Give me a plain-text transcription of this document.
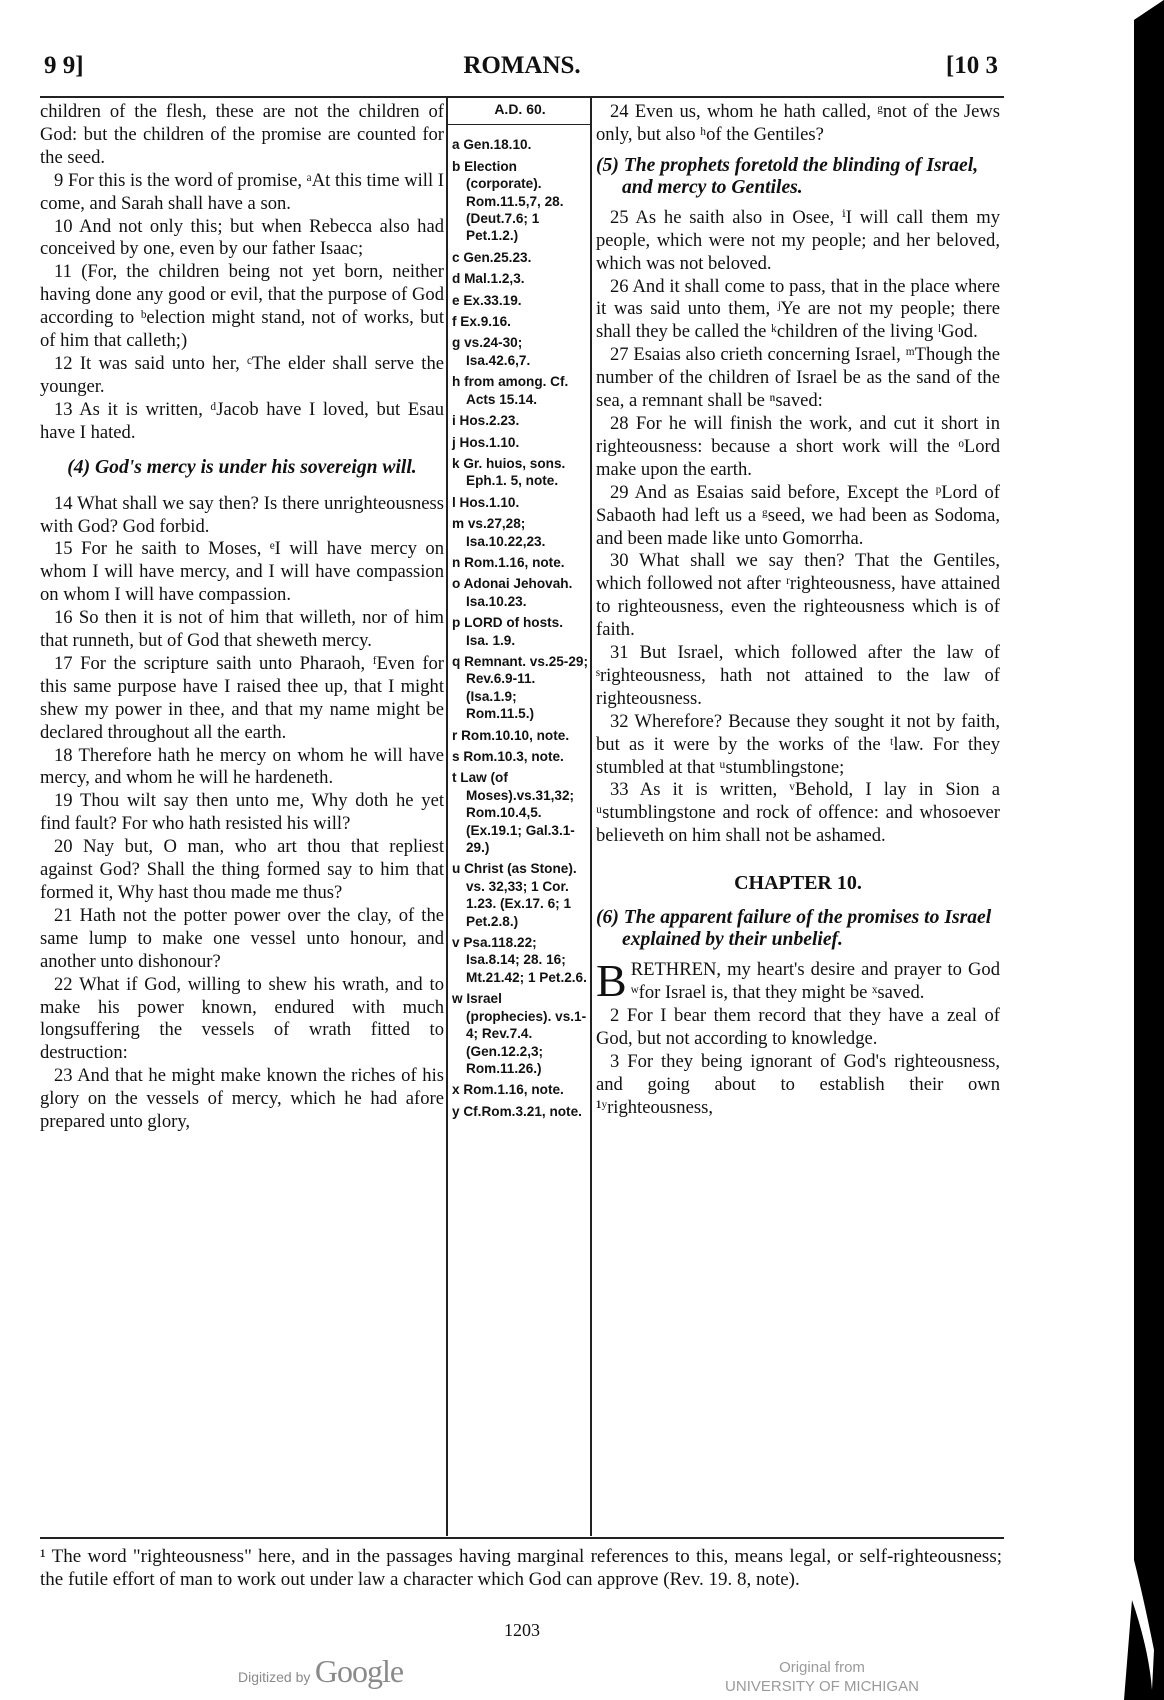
9 9]	ROMANS.	[10 3

children of the flesh, these are not the children of God: but the children of the promise are counted for the seed.

9 For this is the word of promise, ᵃAt this time will I come, and Sarah shall have a son.

10 And not only this; but when Rebecca also had conceived by one, even by our father Isaac;

11 (For, the children being not yet born, neither having done any good or evil, that the purpose of God according to ᵇelection might stand, not of works, but of him that calleth;)

12 It was said unto her, ᶜThe elder shall serve the younger.

13 As it is written, ᵈJacob have I loved, but Esau have I hated.

(4) God's mercy is under his sovereign will.

14 What shall we say then? Is there unrighteousness with God? God forbid.

15 For he saith to Moses, ᵉI will have mercy on whom I will have mercy, and I will have compassion on whom I will have compassion.

16 So then it is not of him that willeth, nor of him that runneth, but of God that sheweth mercy.

17 For the scripture saith unto Pharaoh, ᶠEven for this same purpose have I raised thee up, that I might shew my power in thee, and that my name might be declared throughout all the earth.

18 Therefore hath he mercy on whom he will have mercy, and whom he will he hardeneth.

19 Thou wilt say then unto me, Why doth he yet find fault? For who hath resisted his will?

20 Nay but, O man, who art thou that repliest against God? Shall the thing formed say to him that formed it, Why hast thou made me thus?

21 Hath not the potter power over the clay, of the same lump to make one vessel unto honour, and another unto dishonour?

22 What if God, willing to shew his wrath, and to make his power known, endured with much longsuffering the vessels of wrath fitted to destruction:

23 And that he might make known the riches of his glory on the vessels of mercy, which he had afore prepared unto glory,

A.D. 60.
a Gen.18.10.
b Election (corporate). Rom.11.5,7, 28. (Deut.7.6; 1 Pet.1.2.)
c Gen.25.23.
d Mal.1.2,3.
e Ex.33.19.
f Ex.9.16.
g vs.24-30; Isa.42.6,7.
h from among. Cf. Acts 15.14.
i Hos.2.23.
j Hos.1.10.
k Gr. huios, sons. Eph.1. 5, note.
l Hos.1.10.
m vs.27,28; Isa.10.22,23.
n Rom.1.16, note.
o Adonai Jehovah. Isa.10.23.
p LORD of hosts. Isa. 1.9.
q Remnant. vs.25-29; Rev.6.9-11. (Isa.1.9; Rom.11.5.)
r Rom.10.10, note.
s Rom.10.3, note.
t Law (of Moses).vs.31,32; Rom.10.4,5. (Ex.19.1; Gal.3.1-29.)
u Christ (as Stone). vs. 32,33; 1 Cor. 1.23. (Ex.17. 6; 1 Pet.2.8.)
v Psa.118.22; Isa.8.14; 28. 16; Mt.21.42; 1 Pet.2.6.
w Israel (prophecies). vs.1-4; Rev.7.4. (Gen.12.2,3; Rom.11.26.)
x Rom.1.16, note.
y Cf.Rom.3.21, note.

24 Even us, whom he hath called, ᵍnot of the Jews only, but also ʰof the Gentiles?

(5) The prophets foretold the blinding of Israel, and mercy to Gentiles.

25 As he saith also in Osee, ⁱI will call them my people, which were not my people; and her beloved, which was not beloved.

26 And it shall come to pass, that in the place where it was said unto them, ʲYe are not my people; there shall they be called the ᵏchildren of the living ˡGod.

27 Esaias also crieth concerning Israel, ᵐThough the number of the children of Israel be as the sand of the sea, a remnant shall be ⁿsaved:

28 For he will finish the work, and cut it short in righteousness: because a short work will the ᵒLord make upon the earth.

29 And as Esaias said before, Except the ᵖLord of Sabaoth had left us a ᵍseed, we had been as Sodoma, and been made like unto Gomorrha.

30 What shall we say then? That the Gentiles, which followed not after ʳrighteousness, have attained to righteousness, even the righteousness which is of faith.

31 But Israel, which followed after the law of ˢrighteousness, hath not attained to the law of righteousness.

32 Wherefore? Because they sought it not by faith, but as it were by the works of the ᵗlaw. For they stumbled at that ᵘstumblingstone;

33 As it is written, ᵛBehold, I lay in Sion a ᵘstumblingstone and rock of offence: and whosoever believeth on him shall not be ashamed.

CHAPTER 10.
(6) The apparent failure of the promises to Israel explained by their unbelief.

BRETHREN, my heart's desire and prayer to God ʷfor Israel is, that they might be ˣsaved.

2 For I bear them record that they have a zeal of God, but not according to knowledge.

3 For they being ignorant of God's righteousness, and going about to establish their own ¹ʸrighteousness,

¹ The word "righteousness" here, and in the passages having marginal references to this, means legal, or self-righteousness; the futile effort of man to work out under law a character which God can approve (Rev. 19. 8, note).
1203
Digitized by Google	Original from
UNIVERSITY OF MICHIGAN
